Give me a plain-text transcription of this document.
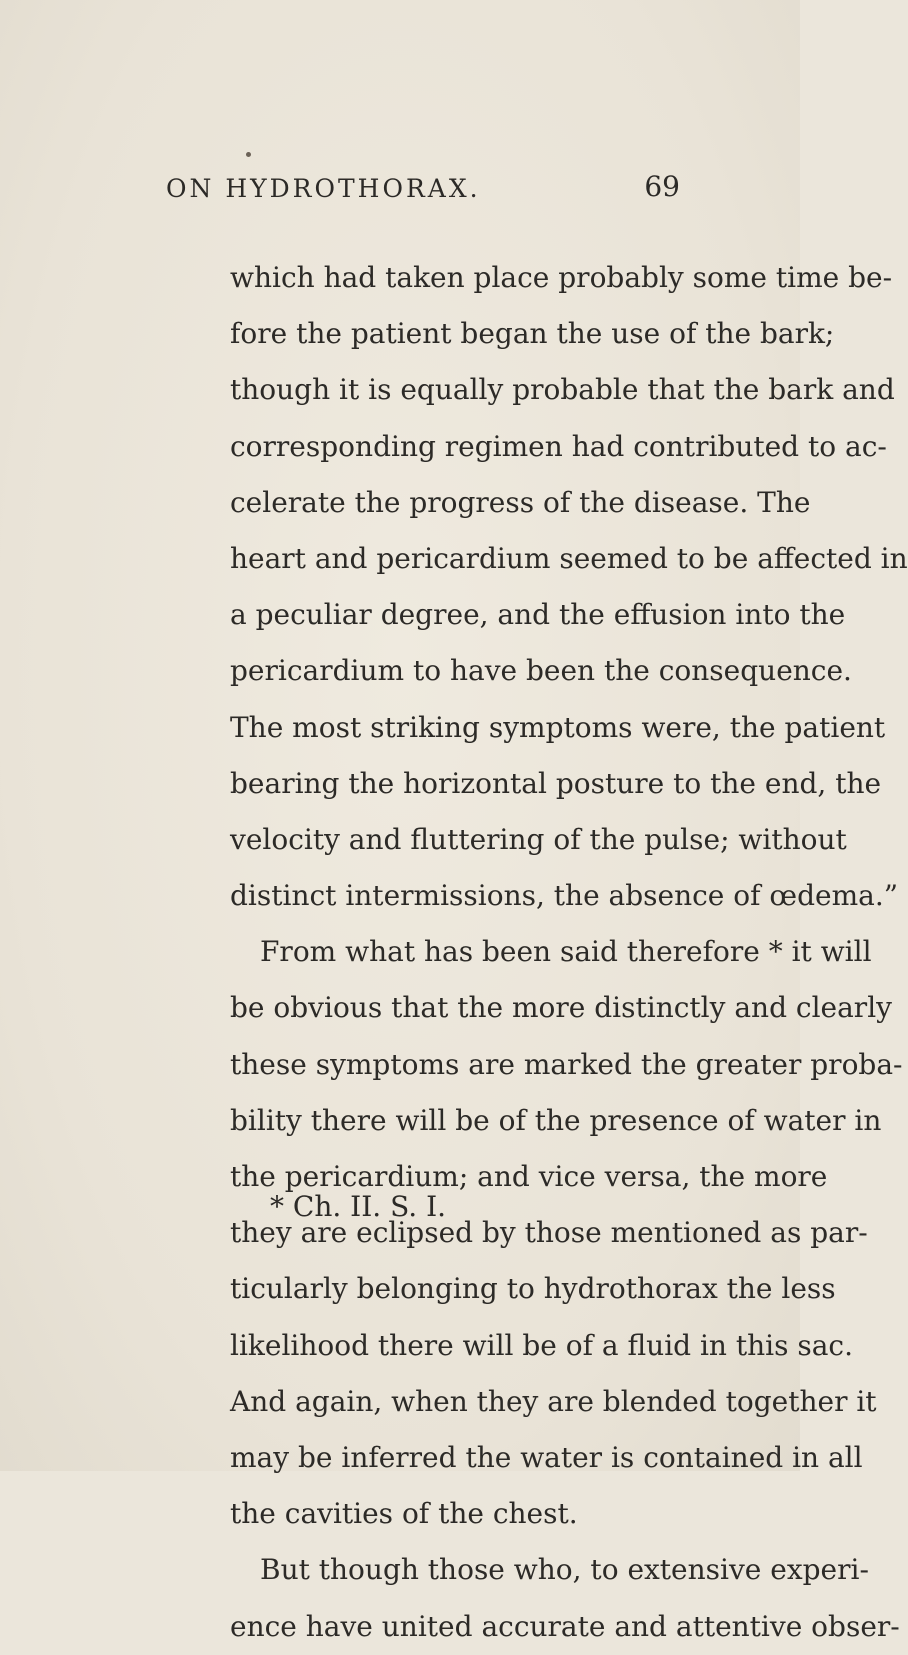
ON HYDROTHORAX.	69
which had taken place probably some time be-
fore the patient began the use of the bark;
though it is equally probable that the bark and
corresponding regimen had contributed to ac-
celerate the progress of the disease. The
heart and pericardium seemed to be affected in
a peculiar degree, and the effusion into the
pericardium to have been the consequence.
The most striking symptoms were, the patient
bearing the horizontal posture to the end, the
velocity and fluttering of the pulse; without
distinct intermissions, the absence of œdema.”
From what has been said therefore * it will
be obvious that the more distinctly and clearly
these symptoms are marked the greater proba-
bility there will be of the presence of water in
the pericardium; and vice versa, the more
they are eclipsed by those mentioned as par-
ticularly belonging to hydrothorax the less
likelihood there will be of a fluid in this sac.
And again, when they are blended together it
may be inferred the water is contained in all
the cavities of the chest.
But though those who, to extensive experi-
ence have united accurate and attentive obser-
* Ch. II. S. I.
